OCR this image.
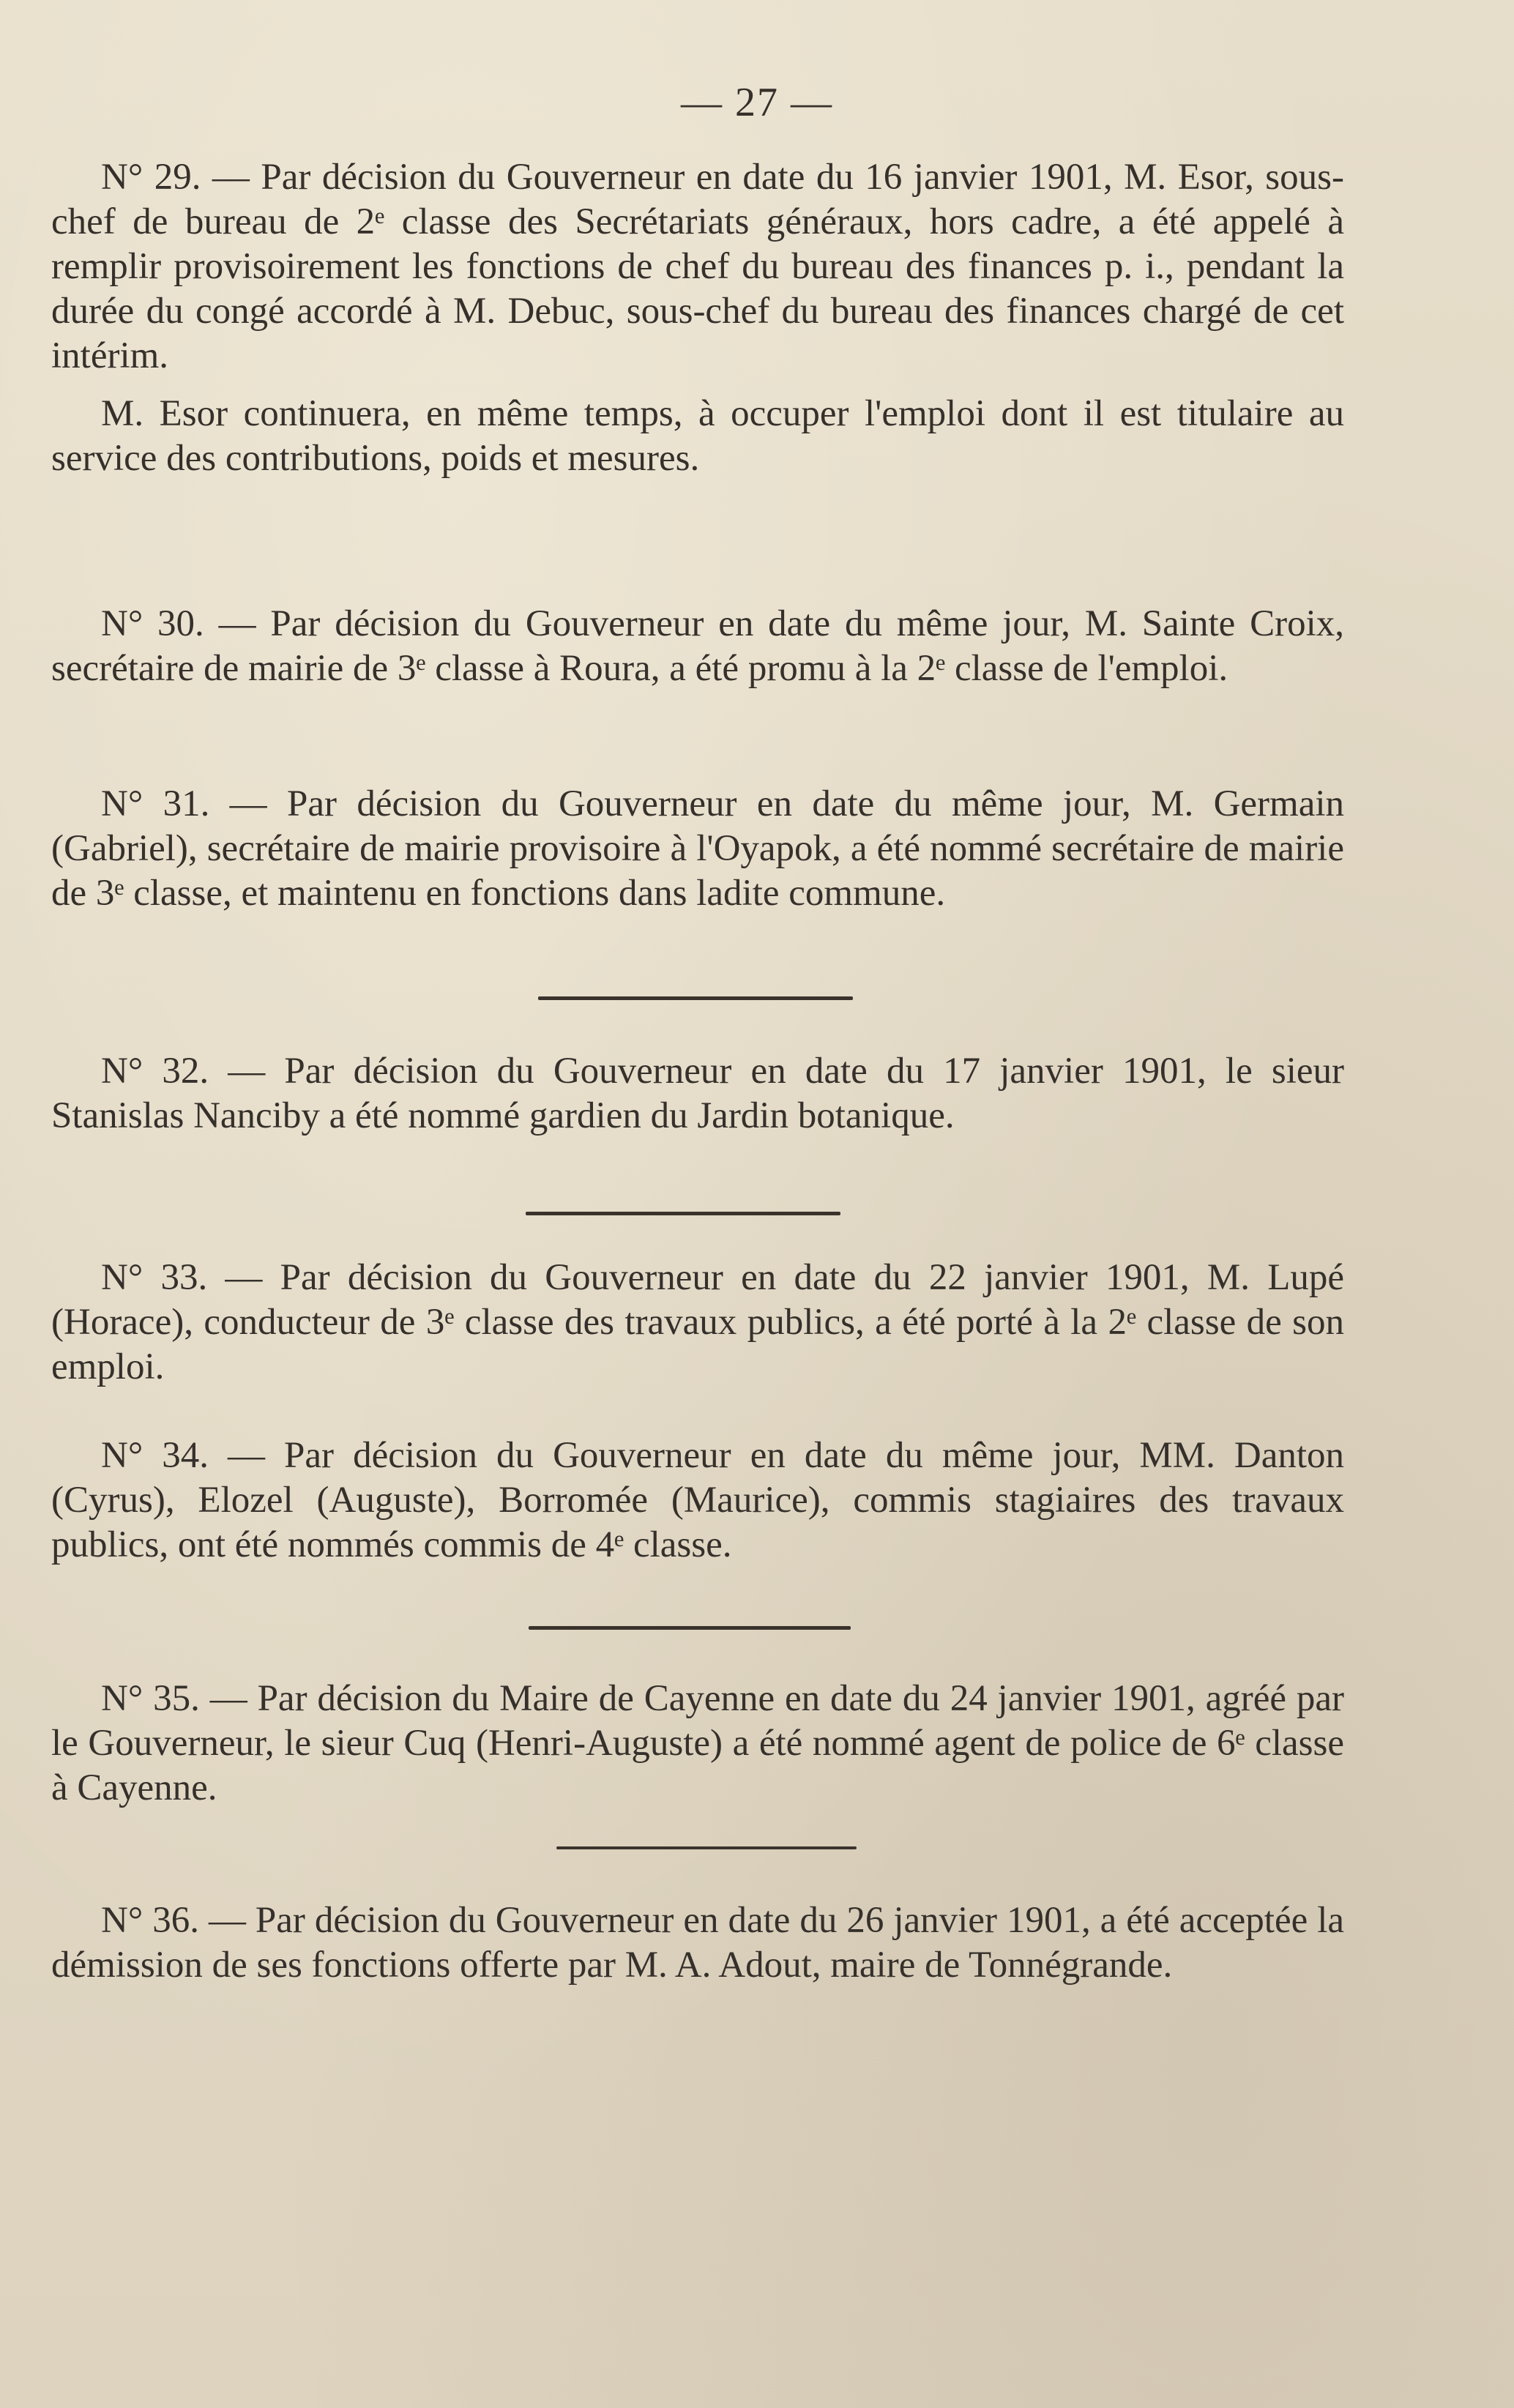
— 27 —

N° 29. — Par décision du Gouverneur en date du 16 janvier 1901, M. Esor, sous-chef de bureau de 2ᵉ classe des Secrétariats généraux, hors cadre, a été appelé à remplir provisoirement les fonctions de chef du bureau des finances p. i., pendant la durée du congé accordé à M. Debuc, sous-chef du bureau des finances chargé de cet intérim.

M. Esor continuera, en même temps, à occuper l'emploi dont il est titulaire au service des contributions, poids et mesures.

N° 30. — Par décision du Gouverneur en date du même jour, M. Sainte Croix, secrétaire de mairie de 3ᵉ classe à Roura, a été promu à la 2ᵉ classe de l'emploi.

N° 31. — Par décision du Gouverneur en date du même jour, M. Germain (Gabriel), secrétaire de mairie provisoire à l'Oyapok, a été nommé secrétaire de mairie de 3ᵉ classe, et maintenu en fonctions dans ladite commune.

N° 32. — Par décision du Gouverneur en date du 17 janvier 1901, le sieur Stanislas Nanciby a été nommé gardien du Jardin botanique.

N° 33. — Par décision du Gouverneur en date du 22 janvier 1901, M. Lupé (Horace), conducteur de 3ᵉ classe des travaux publics, a été porté à la 2ᵉ classe de son emploi.

N° 34. — Par décision du Gouverneur en date du même jour, MM. Danton (Cyrus), Elozel (Auguste), Borromée (Maurice), commis stagiaires des travaux publics, ont été nommés commis de 4ᵉ classe.

N° 35. — Par décision du Maire de Cayenne en date du 24 janvier 1901, agréé par le Gouverneur, le sieur Cuq (Henri-Auguste) a été nommé agent de police de 6ᵉ classe à Cayenne.

N° 36. — Par décision du Gouverneur en date du 26 janvier 1901, a été acceptée la démission de ses fonctions offerte par M. A. Adout, maire de Tonnégrande.
